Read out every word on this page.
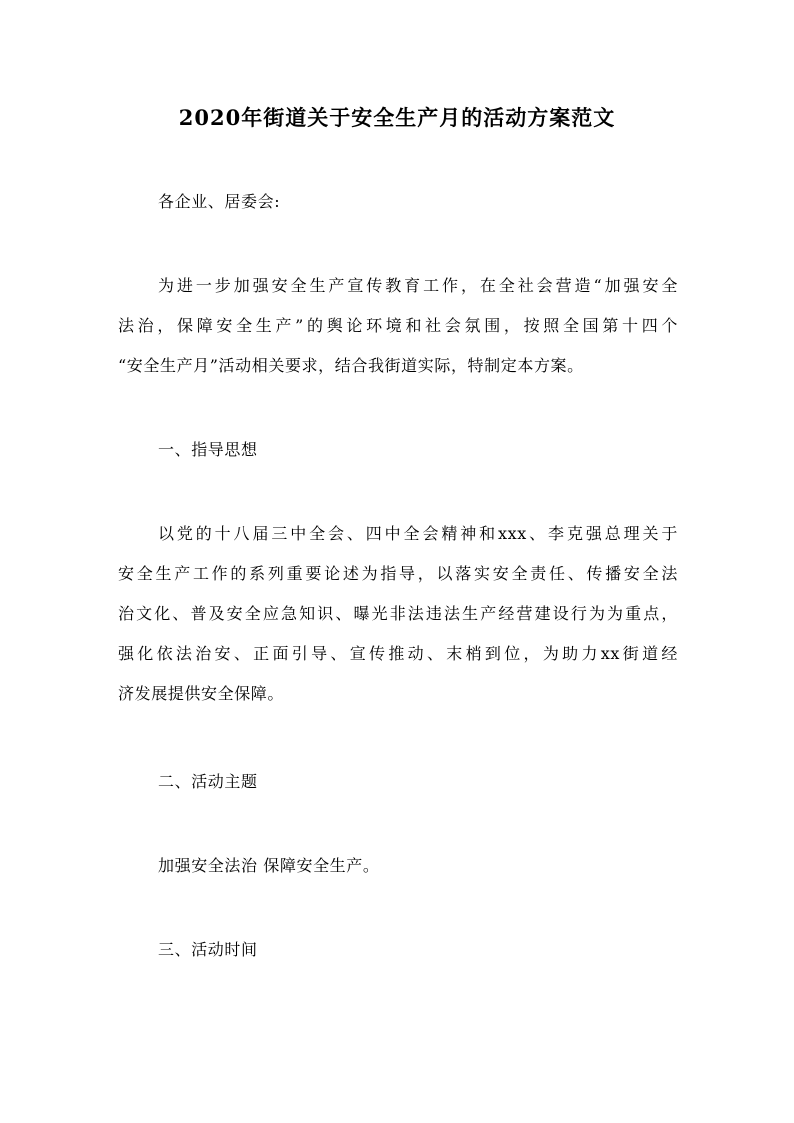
2020年街道关于安全生产月的活动方案范文
各企业、居委会:
为进一步加强安全生产宣传教育工作，在全社会营造“加强安全
法治，保障安全生产”的舆论环境和社会氛围，按照全国第十四个
“安全生产月”活动相关要求，结合我街道实际，特制定本方案。
一、指导思想
以党的十八届三中全会、四中全会精神和xxx、李克强总理关于
安全生产工作的系列重要论述为指导，以落实安全责任、传播安全法
治文化、普及安全应急知识、曝光非法违法生产经营建设行为为重点，
强化依法治安、正面引导、宣传推动、末梢到位，为助力xx街道经
济发展提供安全保障。
二、活动主题
加强安全法治 保障安全生产。
三、活动时间
